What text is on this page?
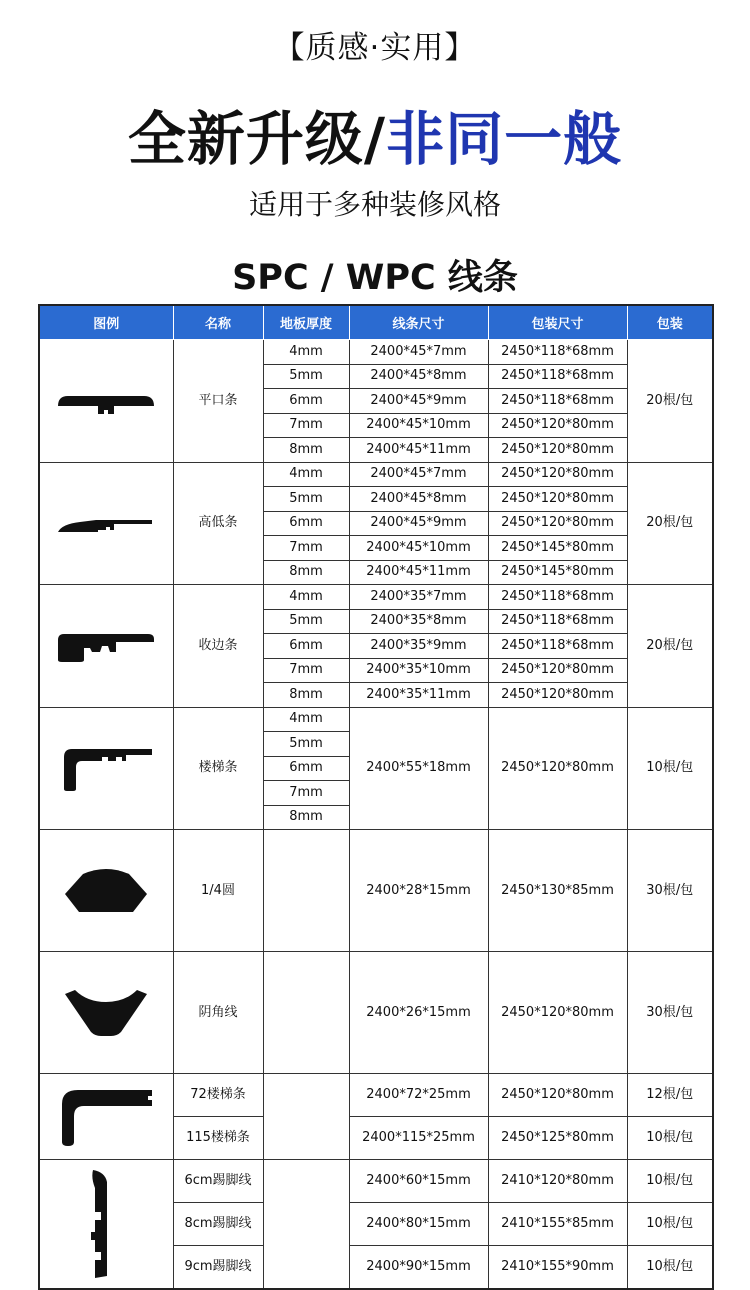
【质感·实用】
全新升级/非同一般
适用于多种装修风格
SPC / WPC 线条
图例	名称	地板厚度	线条尺寸	包装尺寸	包装

	平口条	4mm	2400*45*7mm	2450*118*68mm	20根/包
		5mm	2400*45*8mm	2450*118*68mm	
		6mm	2400*45*9mm	2450*118*68mm	
		7mm	2400*45*10mm	2450*120*80mm	
		8mm	2400*45*11mm	2450*120*80mm	

	高低条	4mm	2400*45*7mm	2450*120*80mm	20根/包
		5mm	2400*45*8mm	2450*120*80mm	
		6mm	2400*45*9mm	2450*120*80mm	
		7mm	2400*45*10mm	2450*145*80mm	
		8mm	2400*45*11mm	2450*145*80mm	

	收边条	4mm	2400*35*7mm	2450*118*68mm	20根/包
		5mm	2400*35*8mm	2450*118*68mm	
		6mm	2400*35*9mm	2450*118*68mm	
		7mm	2400*35*10mm	2450*120*80mm	
		8mm	2400*35*11mm	2450*120*80mm	

	楼梯条	4mm	2400*55*18mm	2450*120*80mm	10根/包
		5mm			
		6mm			
		7mm			
		8mm			

	1/4圆		2400*28*15mm	2450*130*85mm	30根/包

	阴角线		2400*26*15mm	2450*120*80mm	30根/包

	72楼梯条		2400*72*25mm	2450*120*80mm	12根/包
	115楼梯条		2400*115*25mm	2450*125*80mm	10根/包

	6cm踢脚线		2400*60*15mm	2410*120*80mm	10根/包
	8cm踢脚线		2400*80*15mm	2410*155*85mm	10根/包
	9cm踢脚线		2400*90*15mm	2410*155*90mm	10根/包
